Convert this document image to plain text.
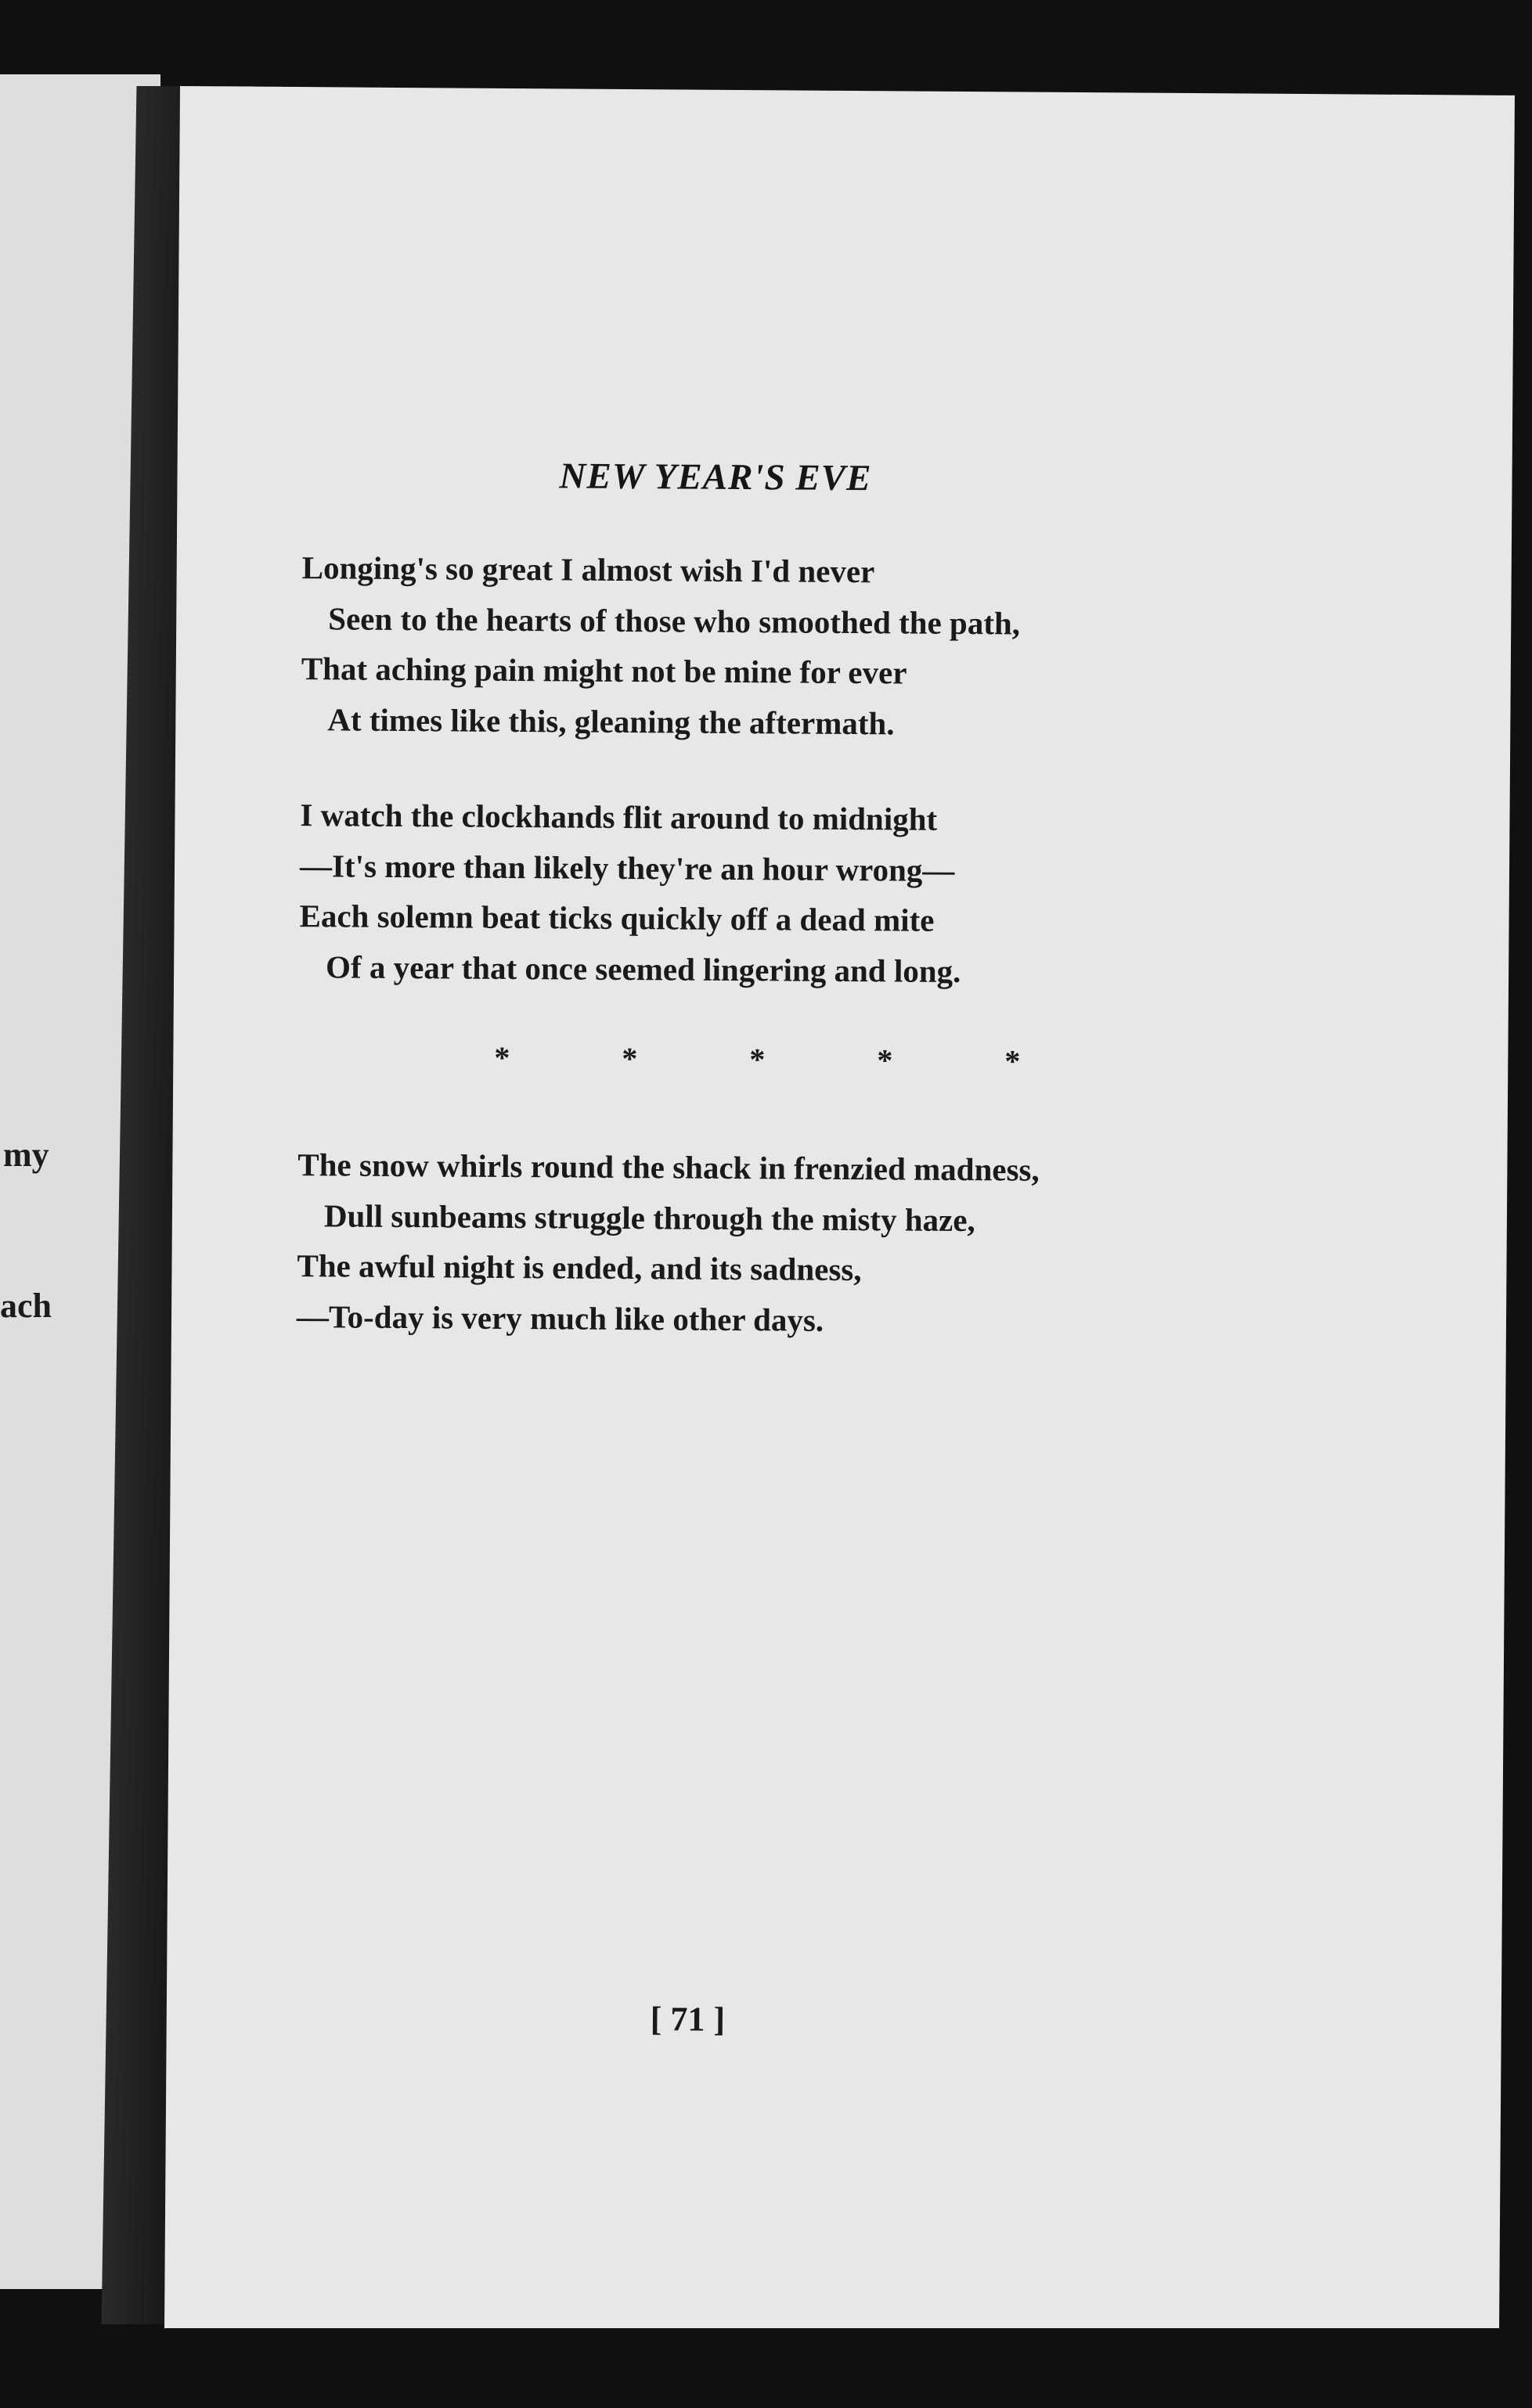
my
ach
NEW YEAR'S EVE
Longing's so great I almost wish I'd never
Seen to the hearts of those who smoothed the path,
That aching pain might not be mine for ever
At times like this, gleaning the aftermath.
I watch the clockhands flit around to midnight
—It's more than likely they're an hour wrong—
Each solemn beat ticks quickly off a dead mite
Of a year that once seemed lingering and long.
*	*	*	*	*
The snow whirls round the shack in frenzied madness,
Dull sunbeams struggle through the misty haze,
The awful night is ended, and its sadness,
—To-day is very much like other days.
[ 71 ]
